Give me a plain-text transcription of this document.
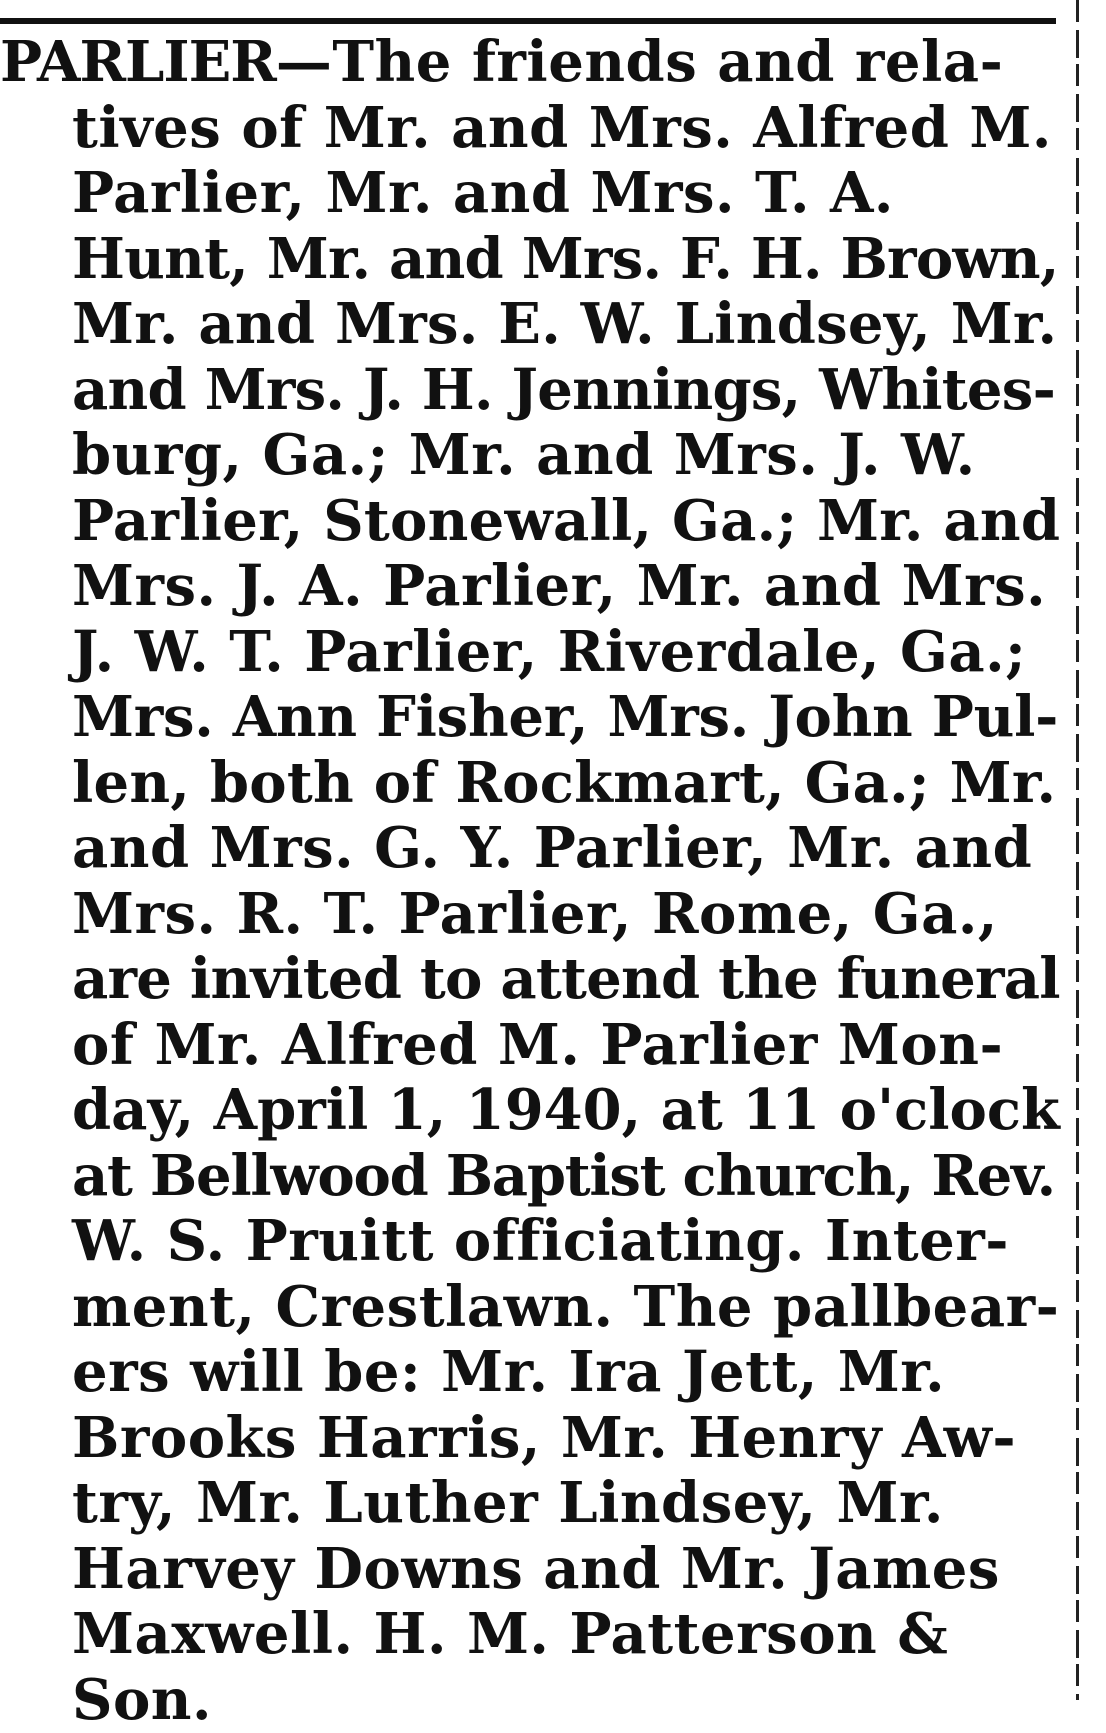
PARLIER—The friends and rela-
tives of Mr. and Mrs. Alfred M.
Parlier, Mr. and Mrs. T. A.
Hunt, Mr. and Mrs. F. H. Brown,
Mr. and Mrs. E. W. Lindsey, Mr.
and Mrs. J. H. Jennings, Whites-
burg, Ga.; Mr. and Mrs. J. W.
Parlier, Stonewall, Ga.; Mr. and
Mrs. J. A. Parlier, Mr. and Mrs.
J. W. T. Parlier, Riverdale, Ga.;
Mrs. Ann Fisher, Mrs. John Pul-
len, both of Rockmart, Ga.; Mr.
and Mrs. G. Y. Parlier, Mr. and
Mrs. R. T. Parlier, Rome, Ga.,
are invited to attend the funeral
of Mr. Alfred M. Parlier Mon-
day, April 1, 1940, at 11 o'clock
at Bellwood Baptist church, Rev.
W. S. Pruitt officiating. Inter-
ment, Crestlawn. The pallbear-
ers will be: Mr. Ira Jett, Mr.
Brooks Harris, Mr. Henry Aw-
try, Mr. Luther Lindsey, Mr.
Harvey Downs and Mr. James
Maxwell. H. M. Patterson &
Son.
